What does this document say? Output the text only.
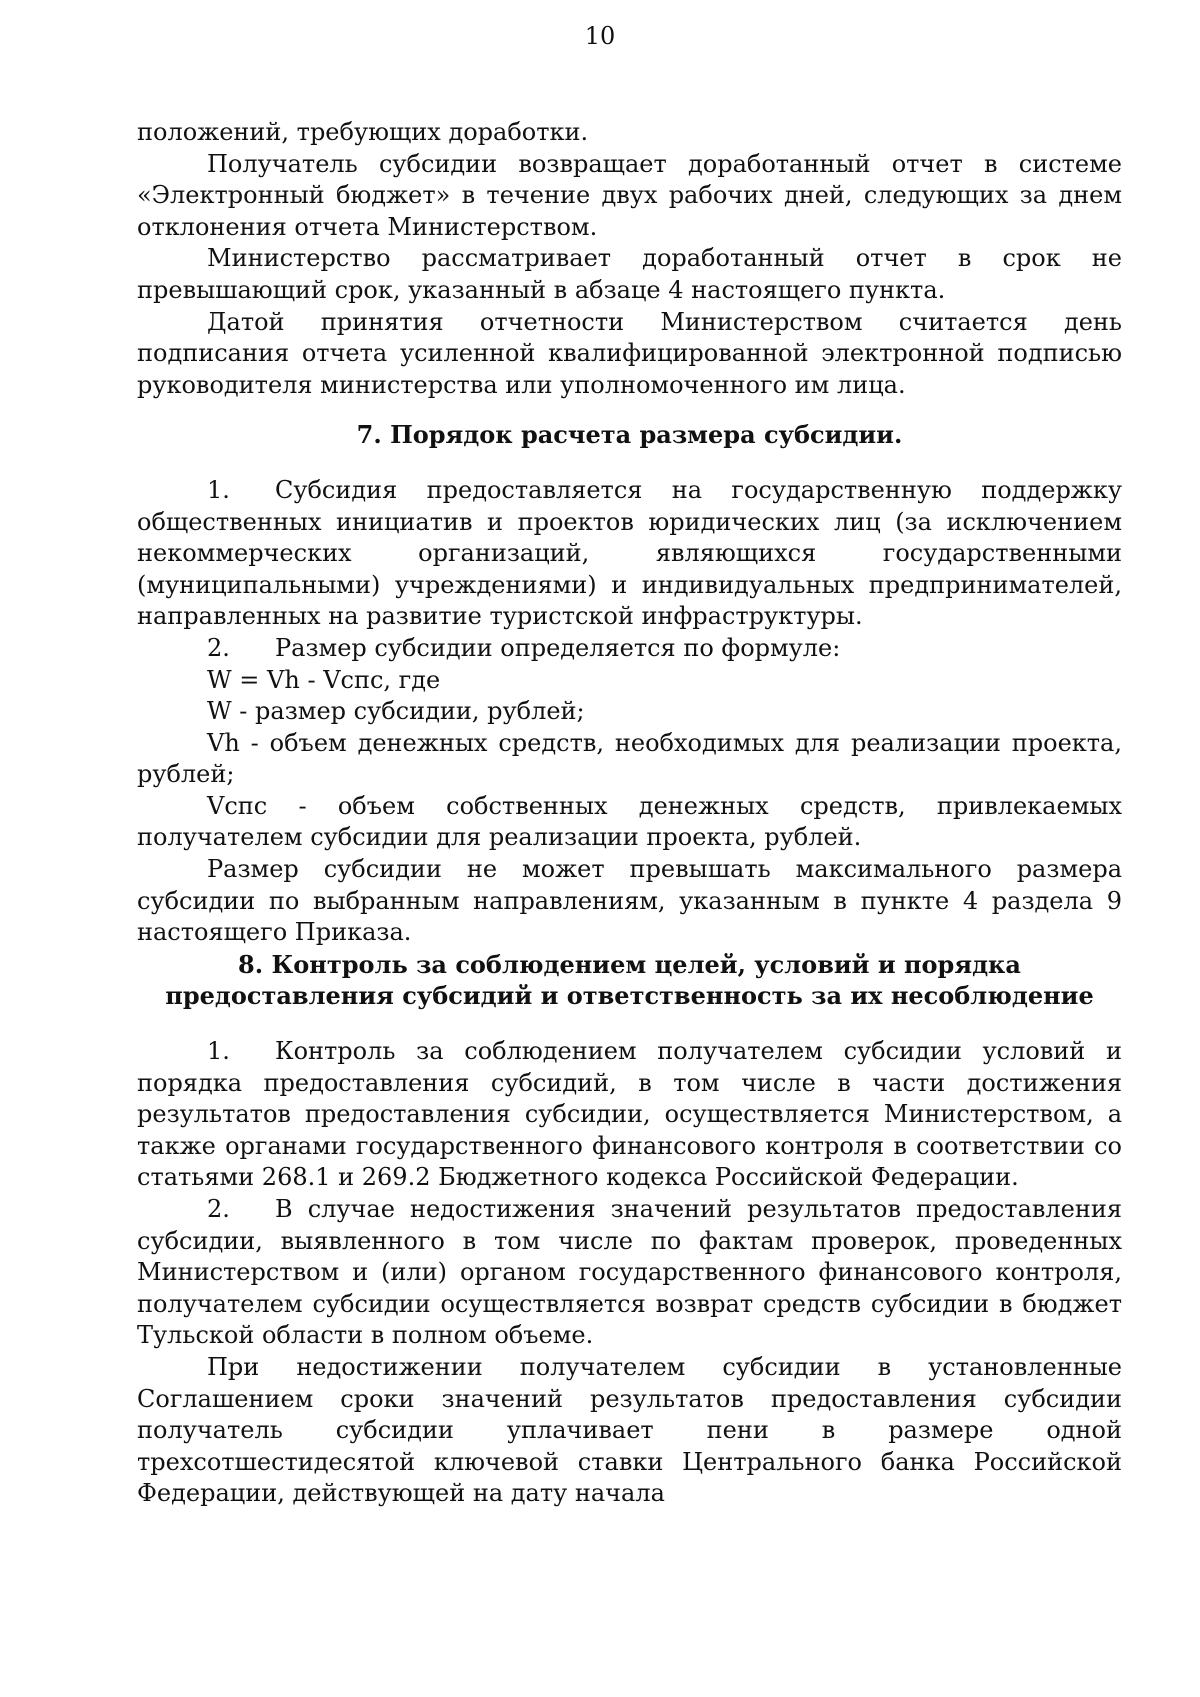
10

положений, требующих доработки.

Получатель субсидии возвращает доработанный отчет в системе «Электронный бюджет» в течение двух рабочих дней, следующих за днем отклонения отчета Министерством.

Министерство рассматривает доработанный отчет в срок не превышающий срок, указанный в абзаце 4 настоящего пункта.

Датой принятия отчетности Министерством считается день подписания отчета усиленной квалифицированной электронной подписью руководителя министерства или уполномоченного им лица.

7. Порядок расчета размера субсидии.

1. Субсидия предоставляется на государственную поддержку общественных инициатив и проектов юридических лиц (за исключением некоммерческих организаций, являющихся государственными (муниципальными) учреждениями) и индивидуальных предпринимателей, направленных на развитие туристской инфраструктуры.

2. Размер субсидии определяется по формуле:

W = Vh - Vспс, где

W - размер субсидии, рублей;

Vh - объем денежных средств, необходимых для реализации проекта, рублей;

Vспс - объем собственных денежных средств, привлекаемых получателем субсидии для реализации проекта, рублей.

Размер субсидии не может превышать максимального размера субсидии по выбранным направлениям, указанным в пункте 4 раздела 9 настоящего Приказа.

8. Контроль за соблюдением целей, условий и порядка
предоставления субсидий и ответственность за их несоблюдение

1. Контроль за соблюдением получателем субсидии условий и порядка предоставления субсидий, в том числе в части достижения результатов предоставления субсидии, осуществляется Министерством, а также органами государственного финансового контроля в соответствии со статьями 268.1 и 269.2 Бюджетного кодекса Российской Федерации.

2. В случае недостижения значений результатов предоставления субсидии, выявленного в том числе по фактам проверок, проведенных Министерством и (или) органом государственного финансового контроля, получателем субсидии осуществляется возврат средств субсидии в бюджет Тульской области в полном объеме.

При недостижении получателем субсидии в установленные Соглашением сроки значений результатов предоставления субсидии получатель субсидии уплачивает пени в размере одной трехсотшестидесятой ключевой ставки Центрального банка Российской Федерации, действующей на дату начала
